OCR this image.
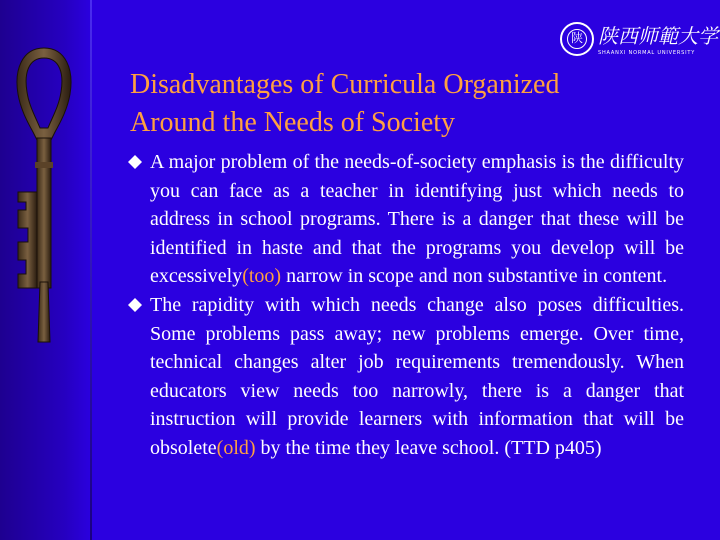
陕 陕西师範大学
SHAANXI NORMAL UNIVERSITY
Disadvantages of Curricula Organized
Around the Needs of Society
A major problem of the needs-of-society emphasis is the difficulty you can face as a teacher in identifying just which needs to address in school programs. There is a danger that these will be identified in haste and that the programs you develop will be excessively(too) narrow in scope and non substantive in content.
The rapidity with which needs change also poses difficulties. Some problems pass away; new problems emerge. Over time, technical changes alter job requirements tremendously. When educators view needs too narrowly, there is a danger that instruction will provide learners with information that will be obsolete(old) by the time they leave school. (TTD p405)
